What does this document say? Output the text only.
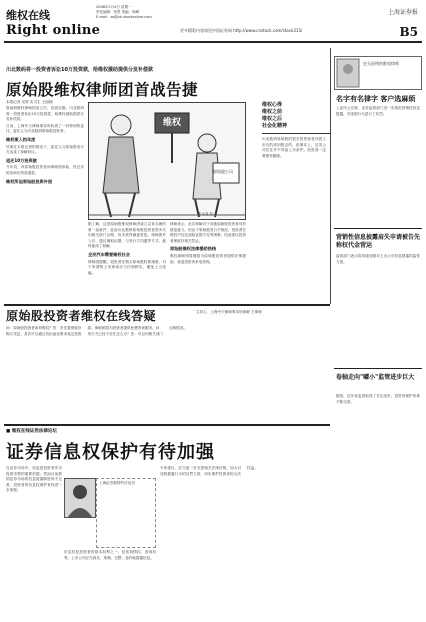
维权在线
Right online
2008年2月4日 星期一
责任编辑：张景 美编：杨峰
E-mail：zq@sh-stockonline.com
更多精彩内容请见中国证券网 http://www.cnstock.com/stock315/
上海证券报
B5
川北数码将一投资者诉讼10万投资款，给维权援助提供分发补偿款
原始股维权律师团首战告捷
本报记者 吴婷 实习生 王丽楠

原始股维权律师团成立后，首战告捷。川北数码将一投资者诉讼10万投资款，给维权援助提供分发补偿款。

日前，上海中天律师事务所收到了一份特别的委托，委托人为川北数码原始股投资者。

维权案入档年度

该案在本报记者的推动下，委托人与原始股发行方达成了和解协议。

退还10万投资款

今年初，该原始股投资者向律师团求助，经过多轮协商后终获退款。

维权所迫原始股投资补偿
维权
原始股公司
朱小龙 作

据了解，这是原始股维权律师团成立以来办理的第一起案件，此前川北数码原始股投资者曾多次向相关部门反映，均未获得满意答复。律师团介入后，通过调取证据、与发行方沟通等方式，最终促成了和解。

全民汽车需要维权社会

律师团提醒，投资者在购买原始股时要谨慎，对于所谓的上市承诺应当仔细核实，避免上当受骗。

律师表示，此次和解对于其他原始股投资者具有借鉴意义。但由于原始股发行不规范，投资者在维权中往往面临证据不足等困难，因此建议投资者保留好相关凭证。

原始股维权法律援助热线

维权律师团将继续为原始股投资者提供法律援助，欢迎投资者来电咨询。

维权心得
维权之前
维权之后
社会化精神

川北数码原始股的很多投资者是冲着上市后的高回报去的，但事实上，这类公司往往并不具备上市条件。投资者一定要擦亮眼睛。

史无前例的维权律师
名字有名律字 客户选麻烦

上证所公告称，证券监管部门进一步规范营销性信息披露，对违规行为进行了处罚。

营销性信息披露肩失申请被告先称权代金营运

监管部门表示将持续加强对上市公司信息披露的监管力度。

卷轴走向"噱小"监管进步巨大

据悉，近年来监管取得了长足进步，投资者保护体系不断完善。

原始股投资者维权在线答疑	主持人：上海中天律师事务所律师 王律师

问：原始股投资者如何维权？答：首先要保留好购买凭证，其次可以通过诉讼途径要求返还投资款。律师团将为投资者提供免费咨询服务。问：发行方已经不存在怎么办？答：可以向相关部门反映情况。

■ 维权在线证券法律论坛
证券信息权保护有待加强

在证券市场中，信息是投资者作出投资决策的重要依据。然而目前我国证券市场的信息披露制度尚不完善，投资者的信息权保护有待进一步加强。

上海证券报特约评论员

信息权是投资者的基本权利之一，包括知情权、查询权等。上市公司应当真实、准确、完整、及时地披露信息。

专家建议，应当进一步完善相关法律法规，加大对违规披露行为的处罚力度，切实保护投资者的合法权益。
